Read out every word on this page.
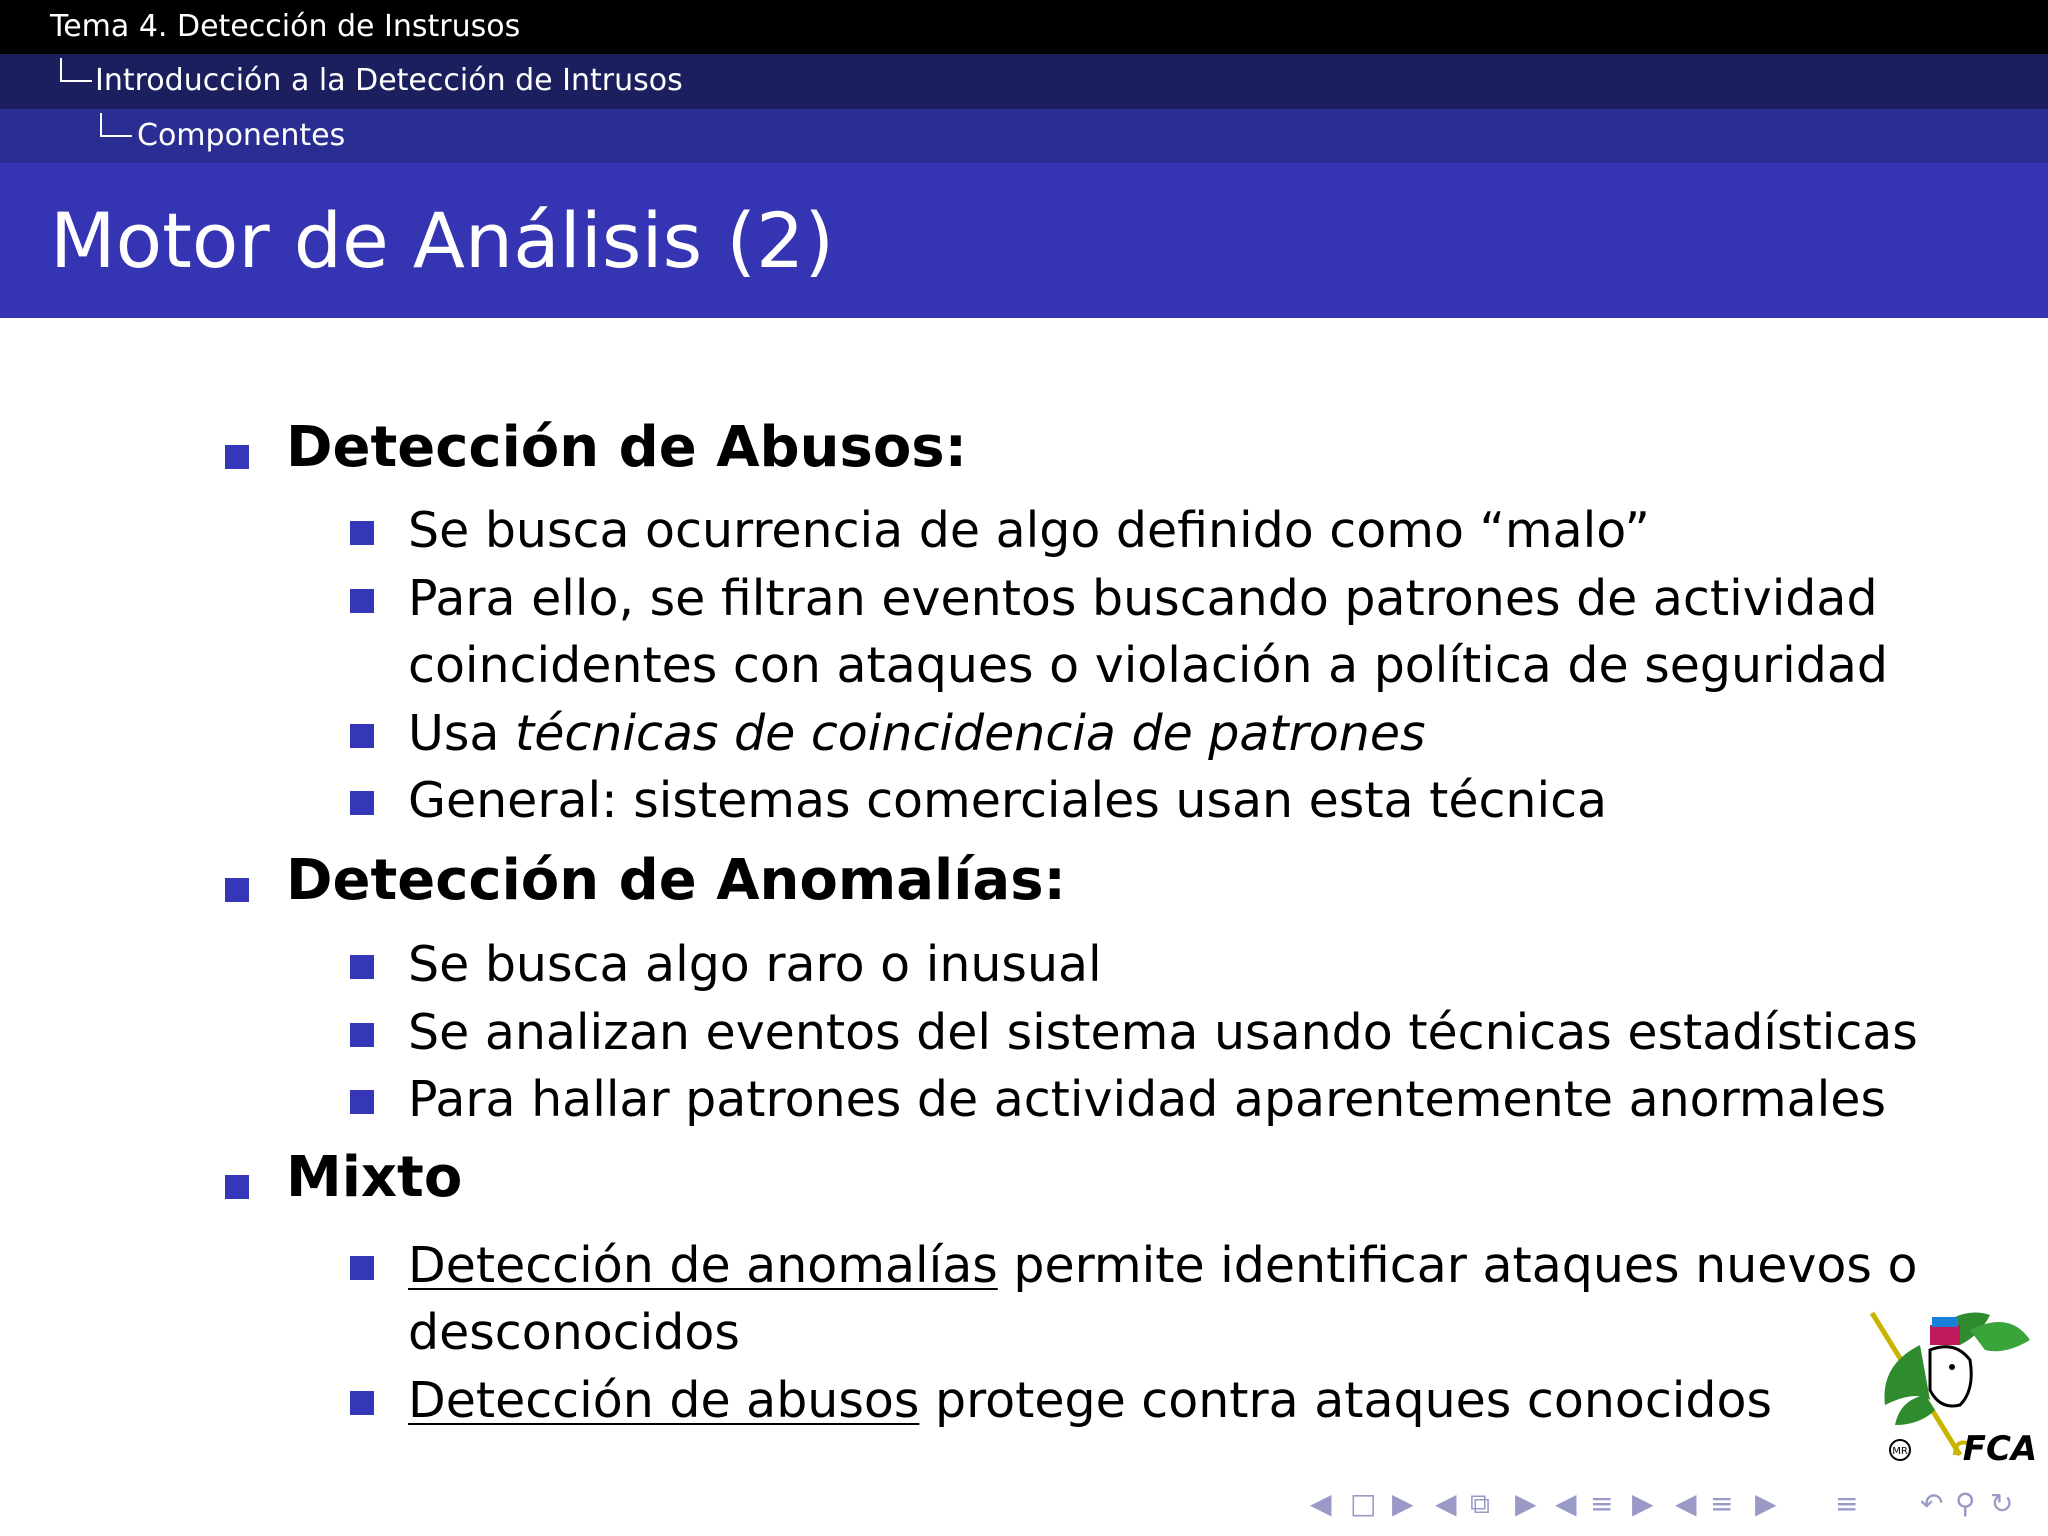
Tema 4. Detección de Instrusos
Introducción a la Detección de Intrusos
Componentes
Motor de Análisis (2)
Detección de Abusos:
Se busca ocurrencia de algo definido como “malo”
Para ello, se filtran eventos buscando patrones de actividad
coincidentes con ataques o violación a política de seguridad
Usa técnicas de coincidencia de patrones
General: sistemas comerciales usan esta técnica
Detección de Anomalías:
Se busca algo raro o inusual
Se analizan eventos del sistema usando técnicas estadísticas
Para hallar patrones de actividad aparentemente anormales
Mixto
Detección de anomalías permite identificar ataques nuevos o
desconocidos
Detección de abusos protege contra ataques conocidos
MR FCA
◀ □ ▶ ◀ ⧉ ▶ ◀ ≡ ▶ ◀ ≡ ▶ ≡ ↶ ⚲ ↻
